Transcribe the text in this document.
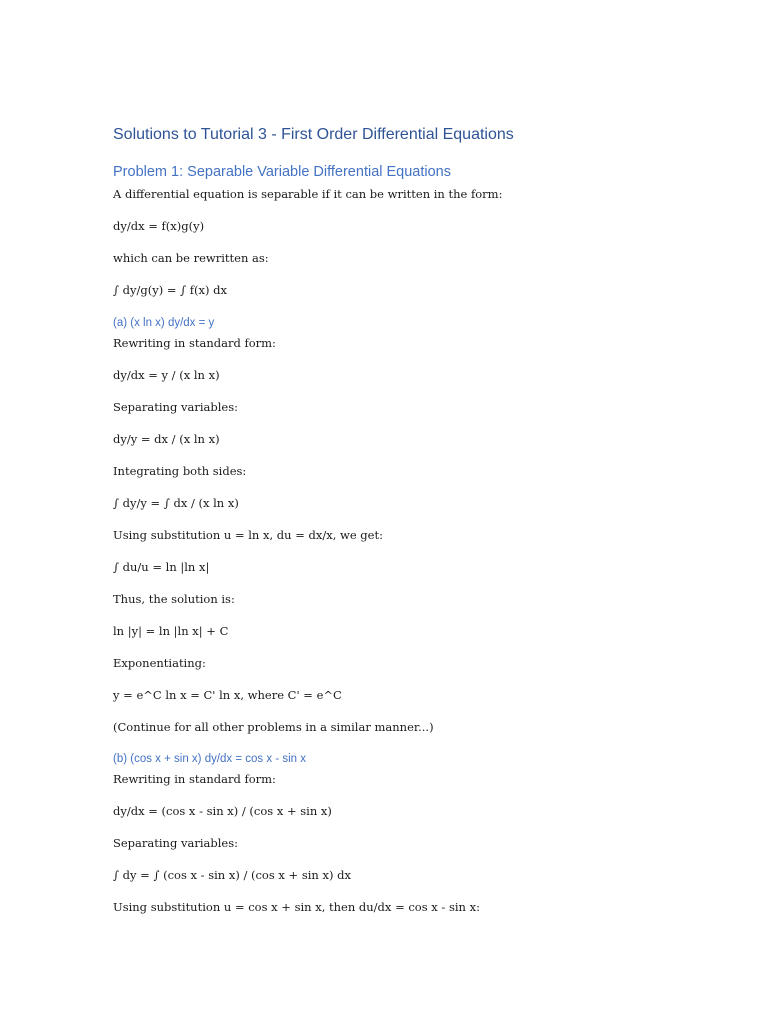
Solutions to Tutorial 3 - First Order Differential Equations
Problem 1: Separable Variable Differential Equations

A differential equation is separable if it can be written in the form:

dy/dx = f(x)g(y)

which can be rewritten as:

∫ dy/g(y) = ∫ f(x) dx

(a) (x ln x) dy/dx = y

Rewriting in standard form:

dy/dx = y / (x ln x)

Separating variables:

dy/y = dx / (x ln x)

Integrating both sides:

∫ dy/y = ∫ dx / (x ln x)

Using substitution u = ln x, du = dx/x, we get:

∫ du/u = ln |ln x|

Thus, the solution is:

ln |y| = ln |ln x| + C

Exponentiating:

y = e^C ln x = C' ln x, where C' = e^C

(Continue for all other problems in a similar manner...)

(b) (cos x + sin x) dy/dx = cos x - sin x

Rewriting in standard form:

dy/dx = (cos x - sin x) / (cos x + sin x)

Separating variables:

∫ dy = ∫ (cos x - sin x) / (cos x + sin x) dx

Using substitution u = cos x + sin x, then du/dx = cos x - sin x:
